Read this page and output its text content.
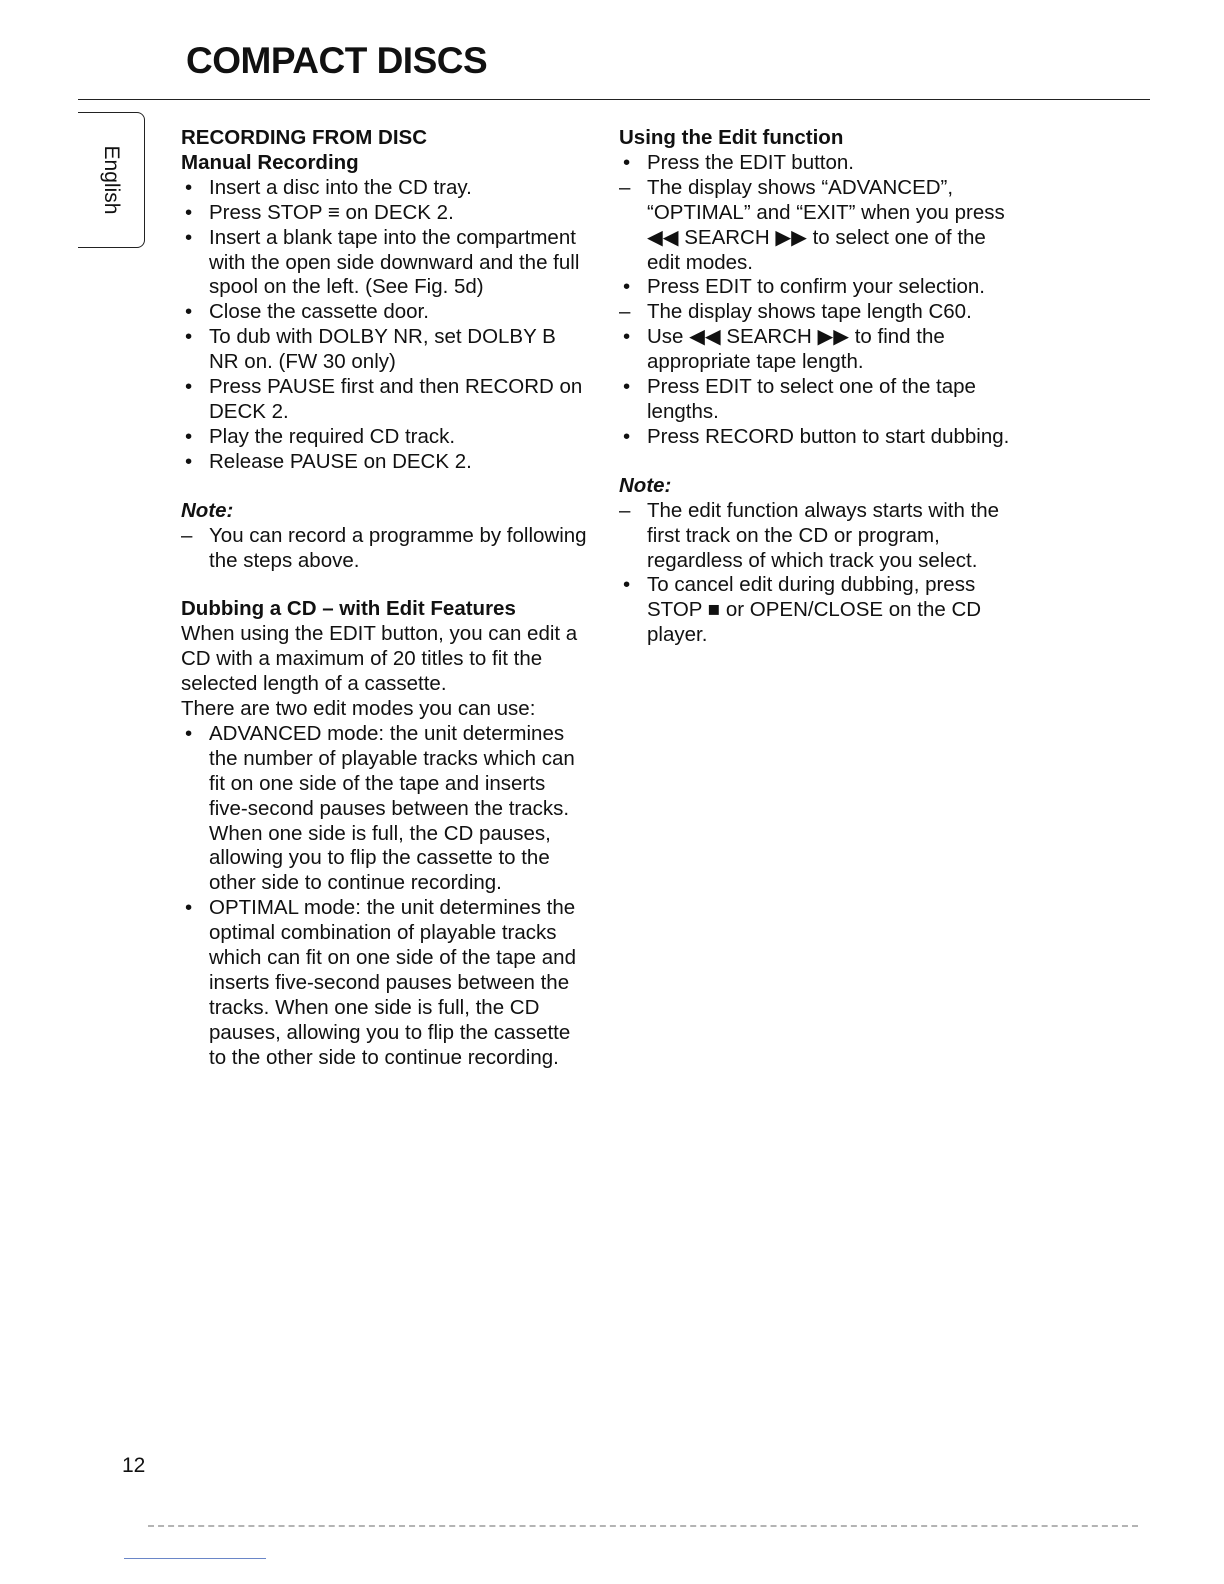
COMPACT DISCS
English

RECORDING FROM DISC

Manual Recording

• Insert a disc into the CD tray.
• Press STOP ≡ on DECK 2.
• Insert a blank tape into the compartment with the open side downward and the full spool on the left. (See Fig. 5d)
• Close the cassette door.
• To dub with DOLBY NR, set DOLBY B NR on. (FW 30 only)
• Press PAUSE first and then RECORD on DECK 2.
• Play the required CD track.
• Release PAUSE on DECK 2.

Note:

– You can record a programme by following the steps above.

Dubbing a CD – with Edit Features

When using the EDIT button, you can edit a CD with a maximum of 20 titles to fit the selected length of a cassette.

There are two edit modes you can use:

• ADVANCED mode: the unit determines the number of playable tracks which can fit on one side of the tape and inserts five-second pauses between the tracks. When one side is full, the CD pauses, allowing you to flip the cassette to the other side to continue recording.
• OPTIMAL mode: the unit determines the optimal combination of playable tracks which can fit on one side of the tape and inserts five-second pauses between the tracks. When one side is full, the CD pauses, allowing you to flip the cassette to the other side to continue recording.

Using the Edit function

• Press the EDIT button.
– The display shows “ADVANCED”, “OPTIMAL” and “EXIT” when you press ◀◀ SEARCH ▶▶ to select one of the edit modes.
• Press EDIT to confirm your selection.
– The display shows tape length C60.
• Use ◀◀ SEARCH ▶▶ to find the appropriate tape length.
• Press EDIT to select one of the tape lengths.
• Press RECORD button to start dubbing.

Note:

– The edit function always starts with the first track on the CD or program, regardless of which track you select.
• To cancel edit during dubbing, press STOP ■ or OPEN/CLOSE on the CD player.
12
